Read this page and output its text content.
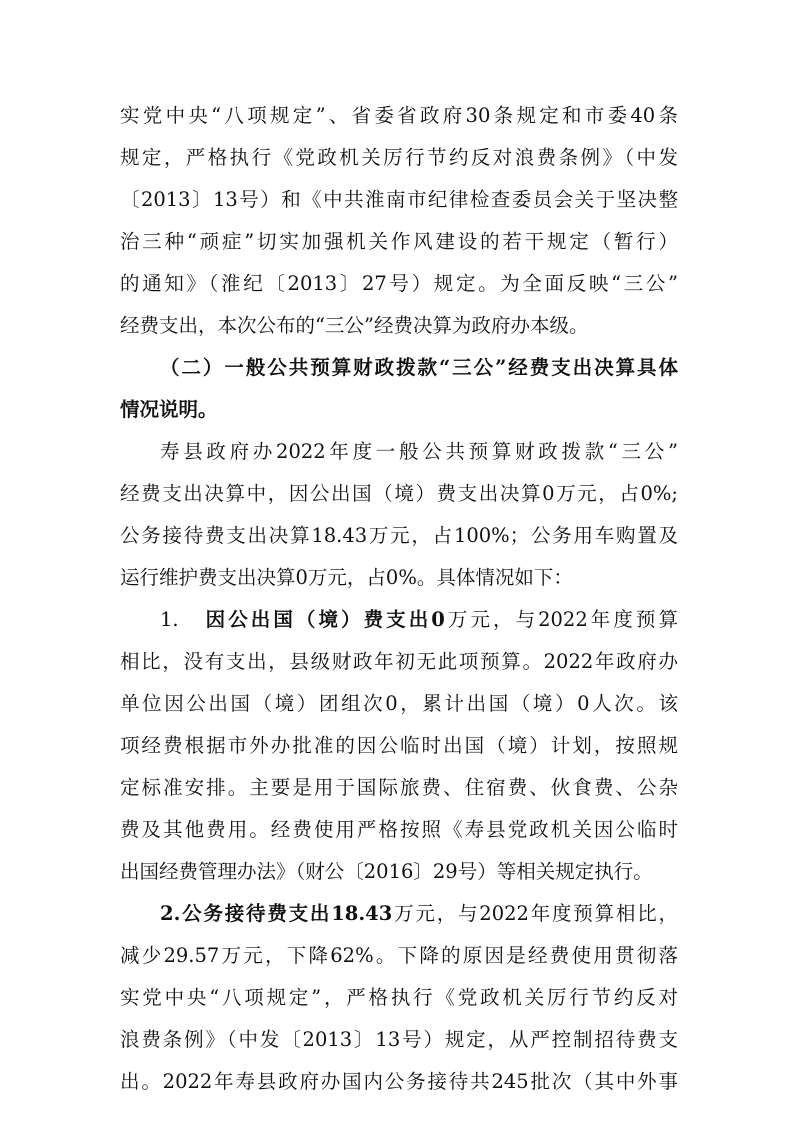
实党中央“八项规定”、省委省政府30条规定和市委40条
规定，严格执行《党政机关厉行节约反对浪费条例》（中发
〔2013〕13号）和《中共淮南市纪律检查委员会关于坚决整
治三种“顽症”切实加强机关作风建设的若干规定（暂行）
的通知》（淮纪〔2013〕27号）规定。为全面反映“三公”
经费支出，本次公布的“三公”经费决算为政府办本级。
（二）一般公共预算财政拨款“三公”经费支出决算具体
情况说明。
寿县政府办2022年度一般公共预算财政拨款“三公”
经费支出决算中，因公出国（境）费支出决算0万元，占0%;
公务接待费支出决算18.43万元，占100%；公务用车购置及
运行维护费支出决算0万元，占0%。具体情况如下：
1. 因公出国（境）费支出0万元，与2022年度预算
相比，没有支出，县级财政年初无此项预算。2022年政府办
单位因公出国（境）团组次0，累计出国（境）0人次。该
项经费根据市外办批准的因公临时出国（境）计划，按照规
定标准安排。主要是用于国际旅费、住宿费、伙食费、公杂
费及其他费用。经费使用严格按照《寿县党政机关因公临时
出国经费管理办法》（财公〔2016〕29号）等相关规定执行。
2.公务接待费支出18.43万元，与2022年度预算相比，
减少29.57万元，下降62%。下降的原因是经费使用贯彻落
实党中央“八项规定”，严格执行《党政机关厉行节约反对
浪费条例》（中发〔2013〕13号）规定，从严控制招待费支
出。2022年寿县政府办国内公务接待共245批次（其中外事
